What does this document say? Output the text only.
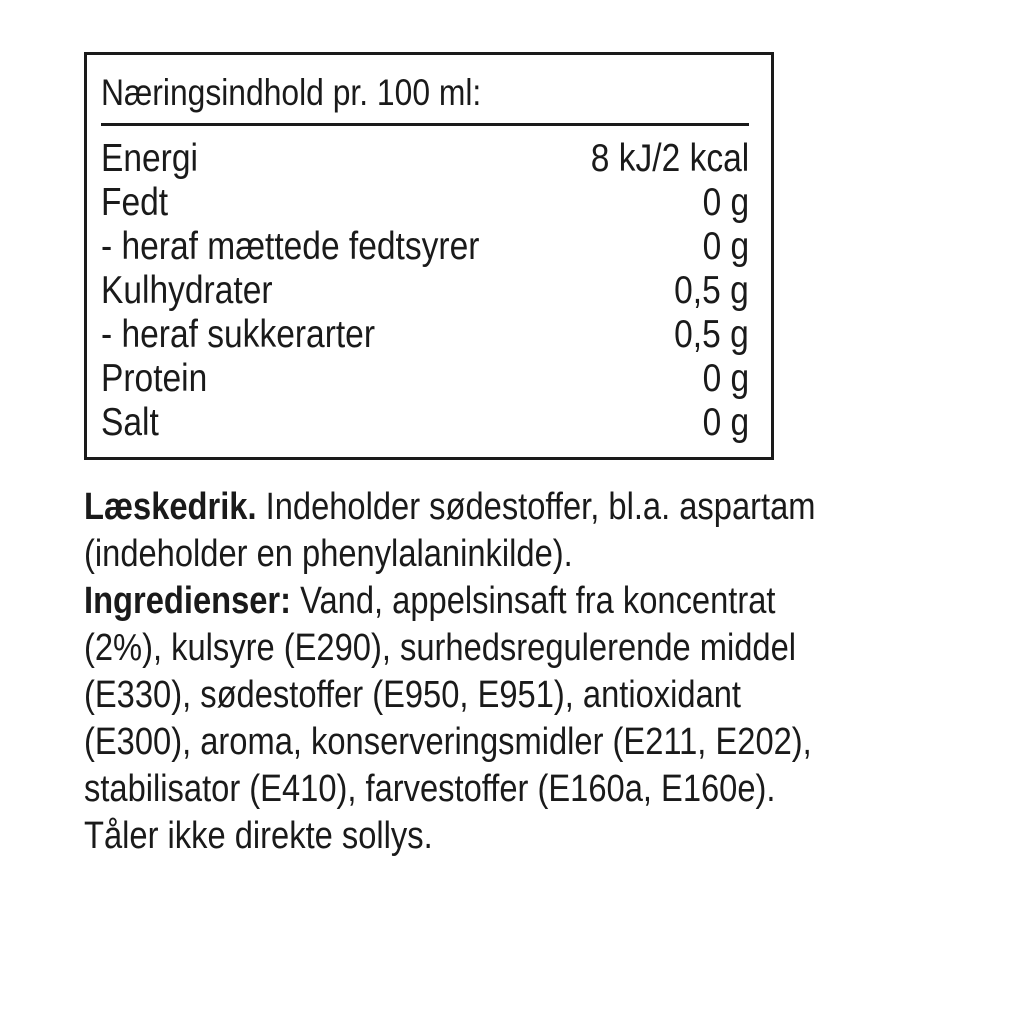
Næringsindhold pr. 100 ml:
Energi	8 kJ/2 kcal
Fedt	0 g
- heraf mættede fedtsyrer	0 g
Kulhydrater	0,5 g
- heraf sukkerarter	0,5 g
Protein	0 g
Salt	0 g
Læskedrik. Indeholder sødestoffer, bl.a. aspartam
(indeholder en phenylalaninkilde).
Ingredienser: Vand, appelsinsaft fra koncentrat
(2%), kulsyre (E290), surhedsregulerende middel
(E330), sødestoffer (E950, E951), antioxidant
(E300), aroma, konserveringsmidler (E211, E202),
stabilisator (E410), farvestoffer (E160a, E160e).
Tåler ikke direkte sollys.
